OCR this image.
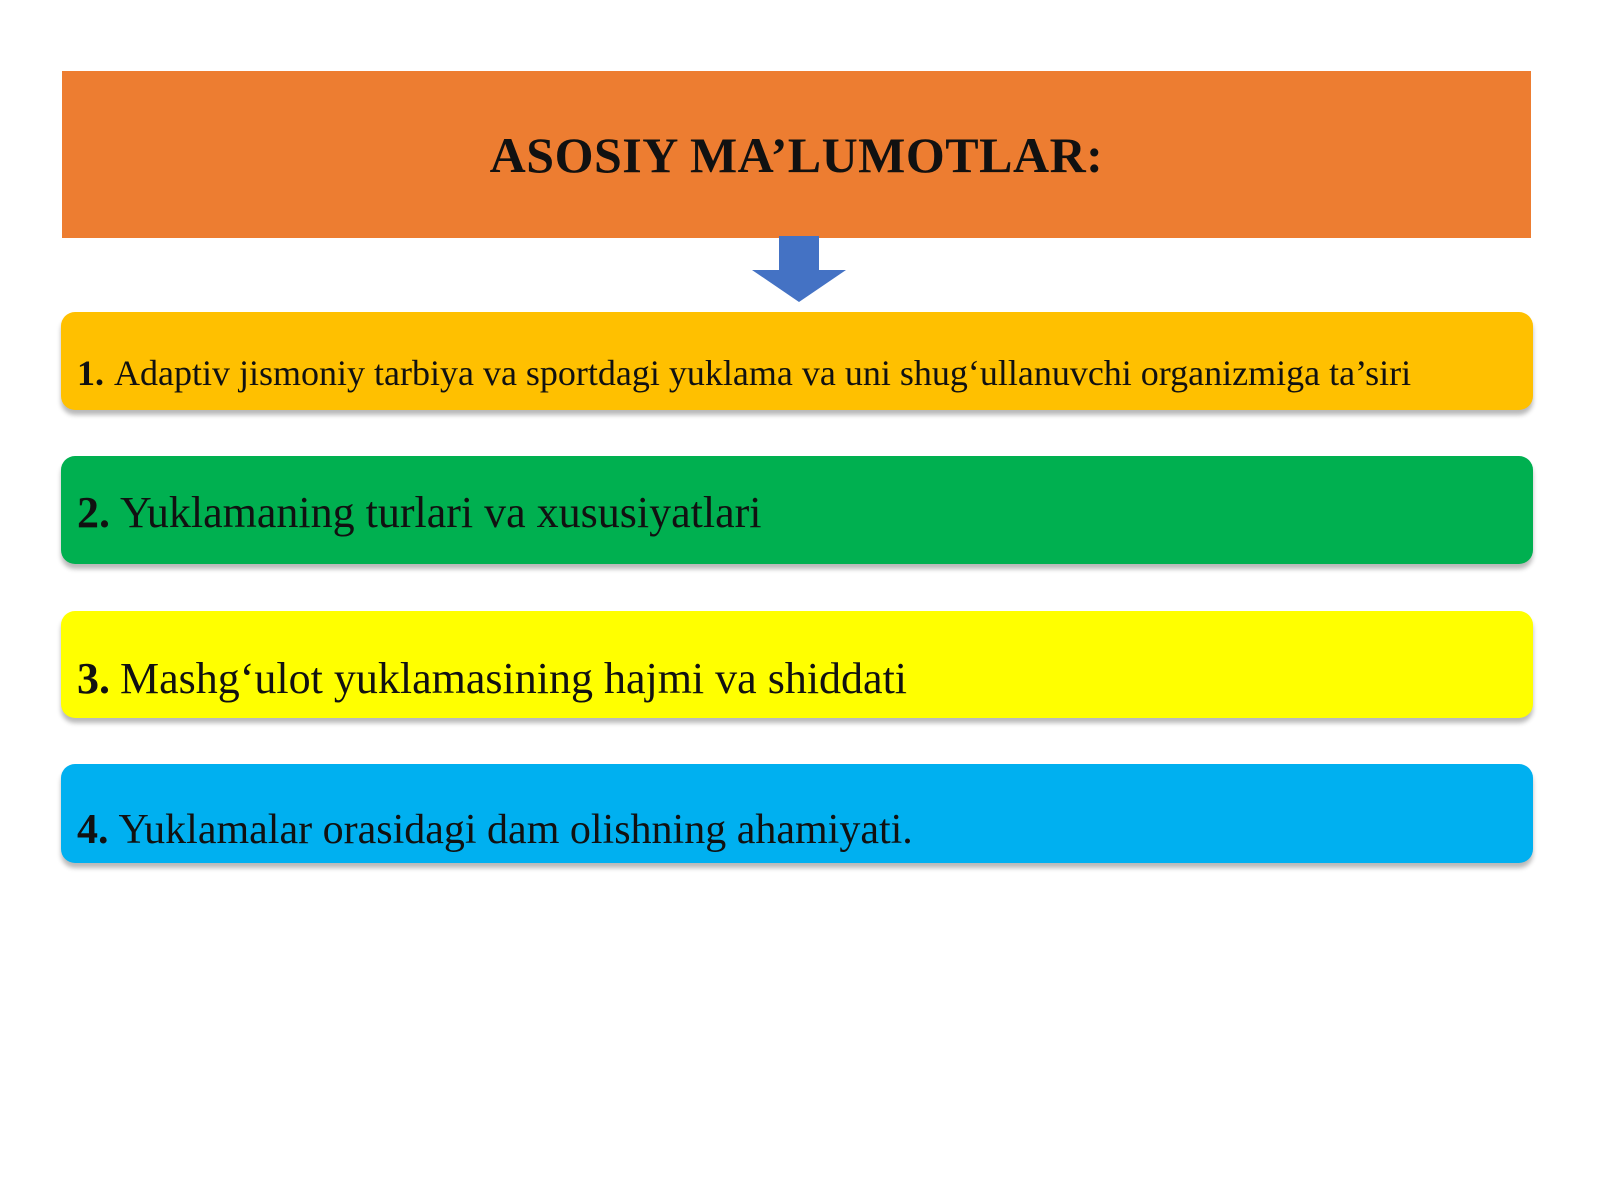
ASOSIY MA’LUMOTLAR:
1. Adaptiv jismoniy tarbiya va sportdagi yuklama va uni shug‘ullanuvchi organizmiga ta’siri
2. Yuklamaning turlari va xususiyatlari
3. Mashg‘ulot yuklamasining hajmi va shiddati
4. Yuklamalar orasidagi dam olishning ahamiyati.
